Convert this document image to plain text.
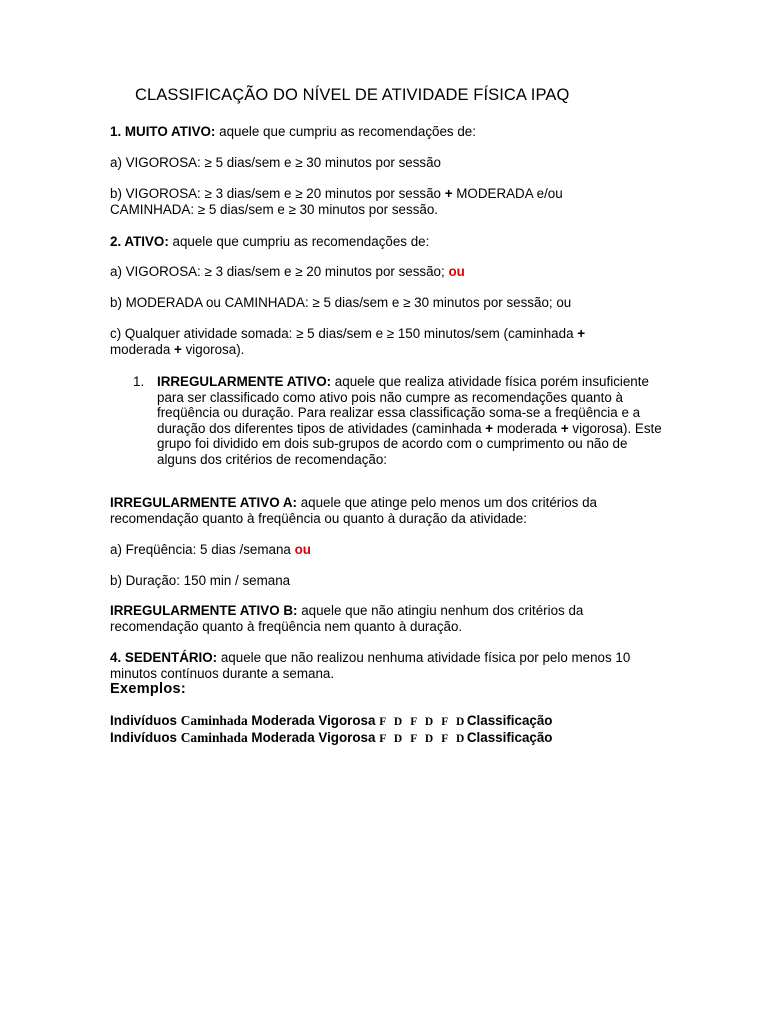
CLASSIFICAÇÃO DO NÍVEL DE ATIVIDADE FÍSICA IPAQ

1. MUITO ATIVO: aquele que cumpriu as recomendações de:

a) VIGOROSA: ≥ 5 dias/sem e ≥ 30 minutos por sessão

b) VIGOROSA: ≥ 3 dias/sem e ≥ 20 minutos por sessão + MODERADA e/ou CAMINHADA: ≥ 5 dias/sem e ≥ 30 minutos por sessão.

2. ATIVO: aquele que cumpriu as recomendações de:

a) VIGOROSA: ≥ 3 dias/sem e ≥ 20 minutos por sessão; ou

b) MODERADA ou CAMINHADA: ≥ 5 dias/sem e ≥ 30 minutos por sessão; ou

c) Qualquer atividade somada: ≥ 5 dias/sem e ≥ 150 minutos/sem (caminhada + moderada + vigorosa).

1. IRREGULARMENTE ATIVO: aquele que realiza atividade física porém insuficiente para ser classificado como ativo pois não cumpre as recomendações quanto à freqüência ou duração. Para realizar essa classificação soma-se a freqüência e a duração dos diferentes tipos de atividades (caminhada + moderada + vigorosa). Este grupo foi dividido em dois sub-grupos de acordo com o cumprimento ou não de alguns dos critérios de recomendação:

IRREGULARMENTE ATIVO A: aquele que atinge pelo menos um dos critérios da recomendação quanto à freqüência ou quanto à duração da atividade:

a) Freqüência: 5 dias /semana ou

b) Duração: 150 min / semana

IRREGULARMENTE ATIVO B: aquele que não atingiu nenhum dos critérios da recomendação quanto à freqüência nem quanto à duração.

4. SEDENTÁRIO: aquele que não realizou nenhuma atividade física por pelo menos 10 minutos contínuos durante a semana.

Exemplos:
Indivíduos Caminhada Moderada Vigorosa F D F D F DClassificação
Indivíduos Caminhada Moderada Vigorosa F D F D F DClassificação
